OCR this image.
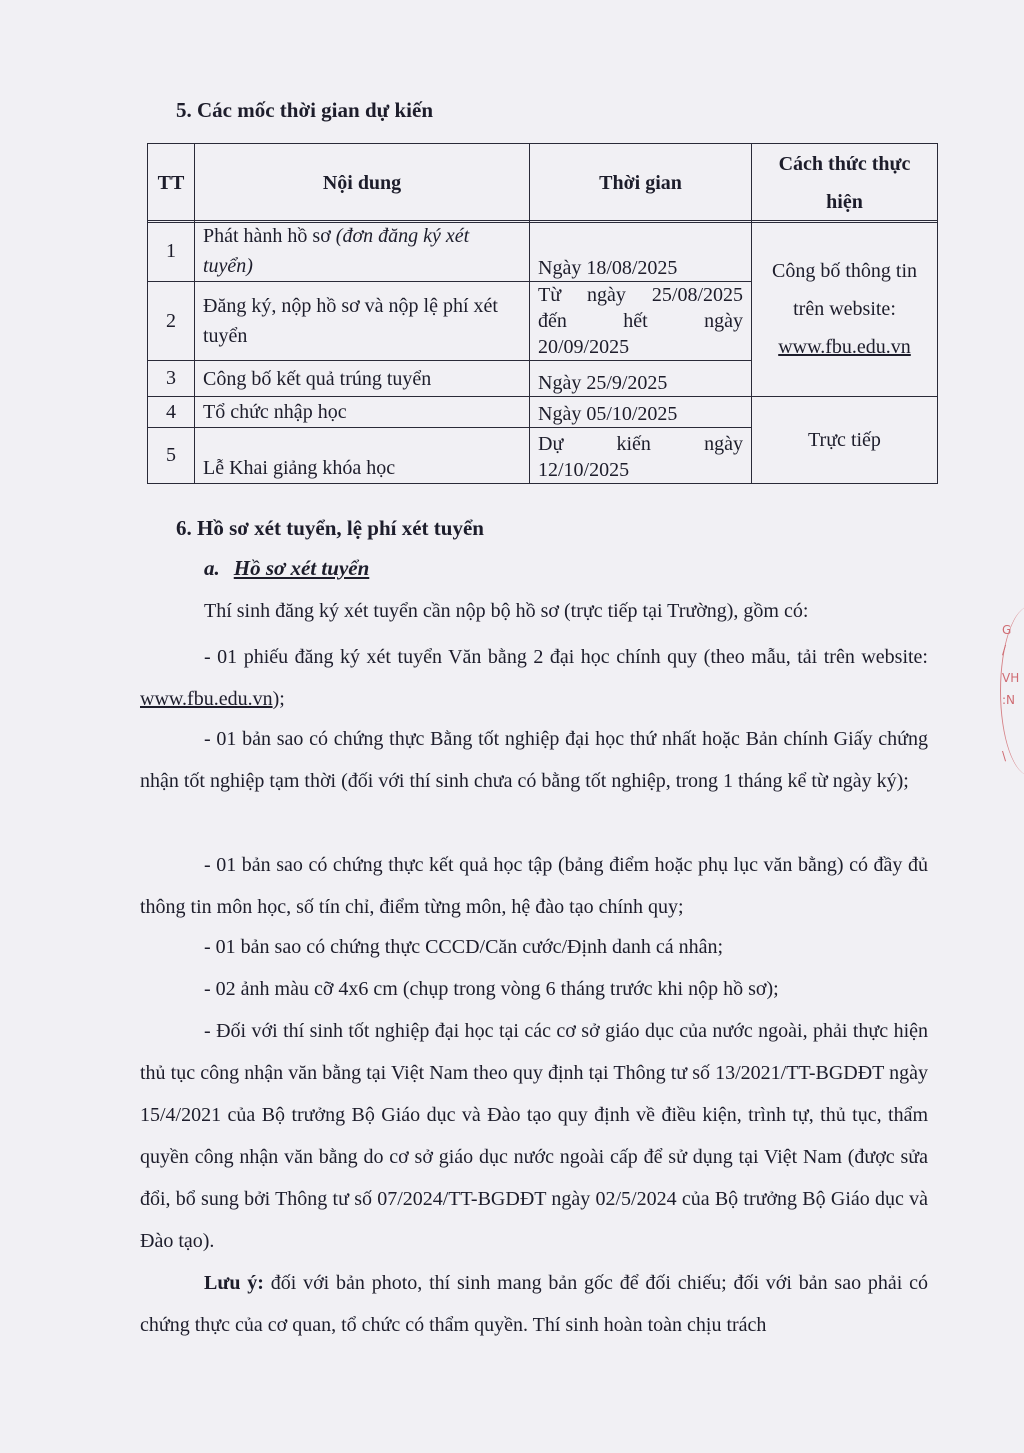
5. Các mốc thời gian dự kiến
TT	Nội dung	Thời gian	Cách thức thực
hiện
1	Phát hành hồ sơ (đơn đăng ký xét tuyển)	Ngày 18/08/2025	Công bố thông tin
trên website:
www.fbu.edu.vn
2	Đăng ký, nộp hồ sơ và nộp lệ phí xét tuyển	Từ ngày 25/08/2025
đến hết ngày
20/09/2025	

3	Công bố kết quả trúng tuyển	Ngày 25/9/2025	
4	Tổ chức nhập học	Ngày 05/10/2025	Trực tiếp
5	Lễ Khai giảng khóa học	Dự kiến ngày
12/10/2025	
6. Hồ sơ xét tuyển, lệ phí xét tuyển
a. Hồ sơ xét tuyển

Thí sinh đăng ký xét tuyển cần nộp bộ hồ sơ (trực tiếp tại Trường), gồm có:

- 01 phiếu đăng ký xét tuyển Văn bằng 2 đại học chính quy (theo mẫu, tải trên website: www.fbu.edu.vn);

- 01 bản sao có chứng thực Bằng tốt nghiệp đại học thứ nhất hoặc Bản chính Giấy chứng nhận tốt nghiệp tạm thời (đối với thí sinh chưa có bằng tốt nghiệp, trong 1 tháng kể từ ngày ký);

- 01 bản sao có chứng thực kết quả học tập (bảng điểm hoặc phụ lục văn bằng) có đầy đủ thông tin môn học, số tín chỉ, điểm từng môn, hệ đào tạo chính quy;

- 01 bản sao có chứng thực CCCD/Căn cước/Định danh cá nhân;

- 02 ảnh màu cỡ 4x6 cm (chụp trong vòng 6 tháng trước khi nộp hồ sơ);

- Đối với thí sinh tốt nghiệp đại học tại các cơ sở giáo dục của nước ngoài, phải thực hiện thủ tục công nhận văn bằng tại Việt Nam theo quy định tại Thông tư số 13/2021/TT-BGDĐT ngày 15/4/2021 của Bộ trưởng Bộ Giáo dục và Đào tạo quy định về điều kiện, trình tự, thủ tục, thẩm quyền công nhận văn bằng do cơ sở giáo dục nước ngoài cấp để sử dụng tại Việt Nam (được sửa đổi, bổ sung bởi Thông tư số 07/2024/TT-BGDĐT ngày 02/5/2024 của Bộ trưởng Bộ Giáo dục và Đào tạo).

Lưu ý: đối với bản photo, thí sinh mang bản gốc để đối chiếu; đối với bản sao phải có chứng thực của cơ quan, tổ chức có thẩm quyền. Thí sinh hoàn toàn chịu trách

G
/
VH
:N
\
